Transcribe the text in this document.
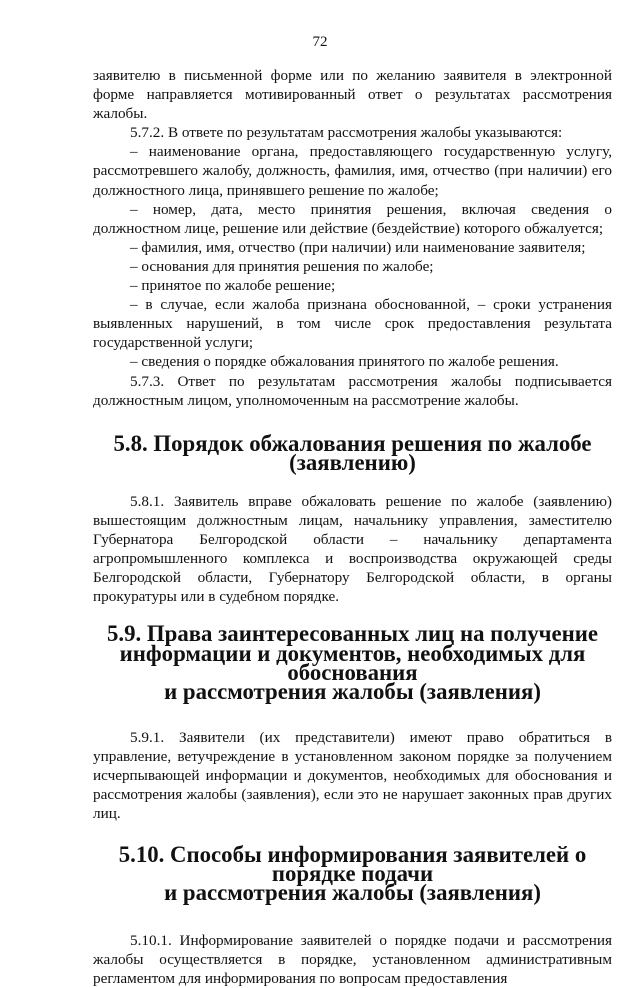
72

заявителю в письменной форме или по желанию заявителя в электронной форме направляется мотивированный ответ о результатах рассмотрения жалобы.

5.7.2. В ответе по результатам рассмотрения жалобы указываются:

– наименование органа, предоставляющего государственную услугу, рассмотревшего жалобу, должность, фамилия, имя, отчество (при наличии) его должностного лица, принявшего решение по жалобе;

– номер, дата, место принятия решения, включая сведения о должностном лице, решение или действие (бездействие) которого обжалуется;

– фамилия, имя, отчество (при наличии) или наименование заявителя;

– основания для принятия решения по жалобе;

– принятое по жалобе решение;

– в случае, если жалоба признана обоснованной, – сроки устранения выявленных нарушений, в том числе срок предоставления результата государственной услуги;

– сведения о порядке обжалования принятого по жалобе решения.

5.7.3. Ответ по результатам рассмотрения жалобы подписывается должностным лицом, уполномоченным на рассмотрение жалобы.

5.8. Порядок обжалования решения по жалобе (заявлению)

5.8.1. Заявитель вправе обжаловать решение по жалобе (заявлению) вышестоящим должностным лицам, начальнику управления, заместителю Губернатора Белгородской области – начальнику департамента агропромышленного комплекса и воспроизводства окружающей среды Белгородской области, Губернатору Белгородской области, в органы прокуратуры или в судебном порядке.

5.9. Права заинтересованных лиц на получение
информации и документов, необходимых для обоснования
и рассмотрения жалобы (заявления)

5.9.1. Заявители (их представители) имеют право обратиться в управление, ветучреждение в установленном законом порядке за получением исчерпывающей информации и документов, необходимых для обоснования и рассмотрения жалобы (заявления), если это не нарушает законных прав других лиц.

5.10. Способы информирования заявителей о порядке подачи
и рассмотрения жалобы (заявления)

5.10.1. Информирование заявителей о порядке подачи и рассмотрения жалобы осуществляется в порядке, установленном административным регламентом для информирования по вопросам предоставления
